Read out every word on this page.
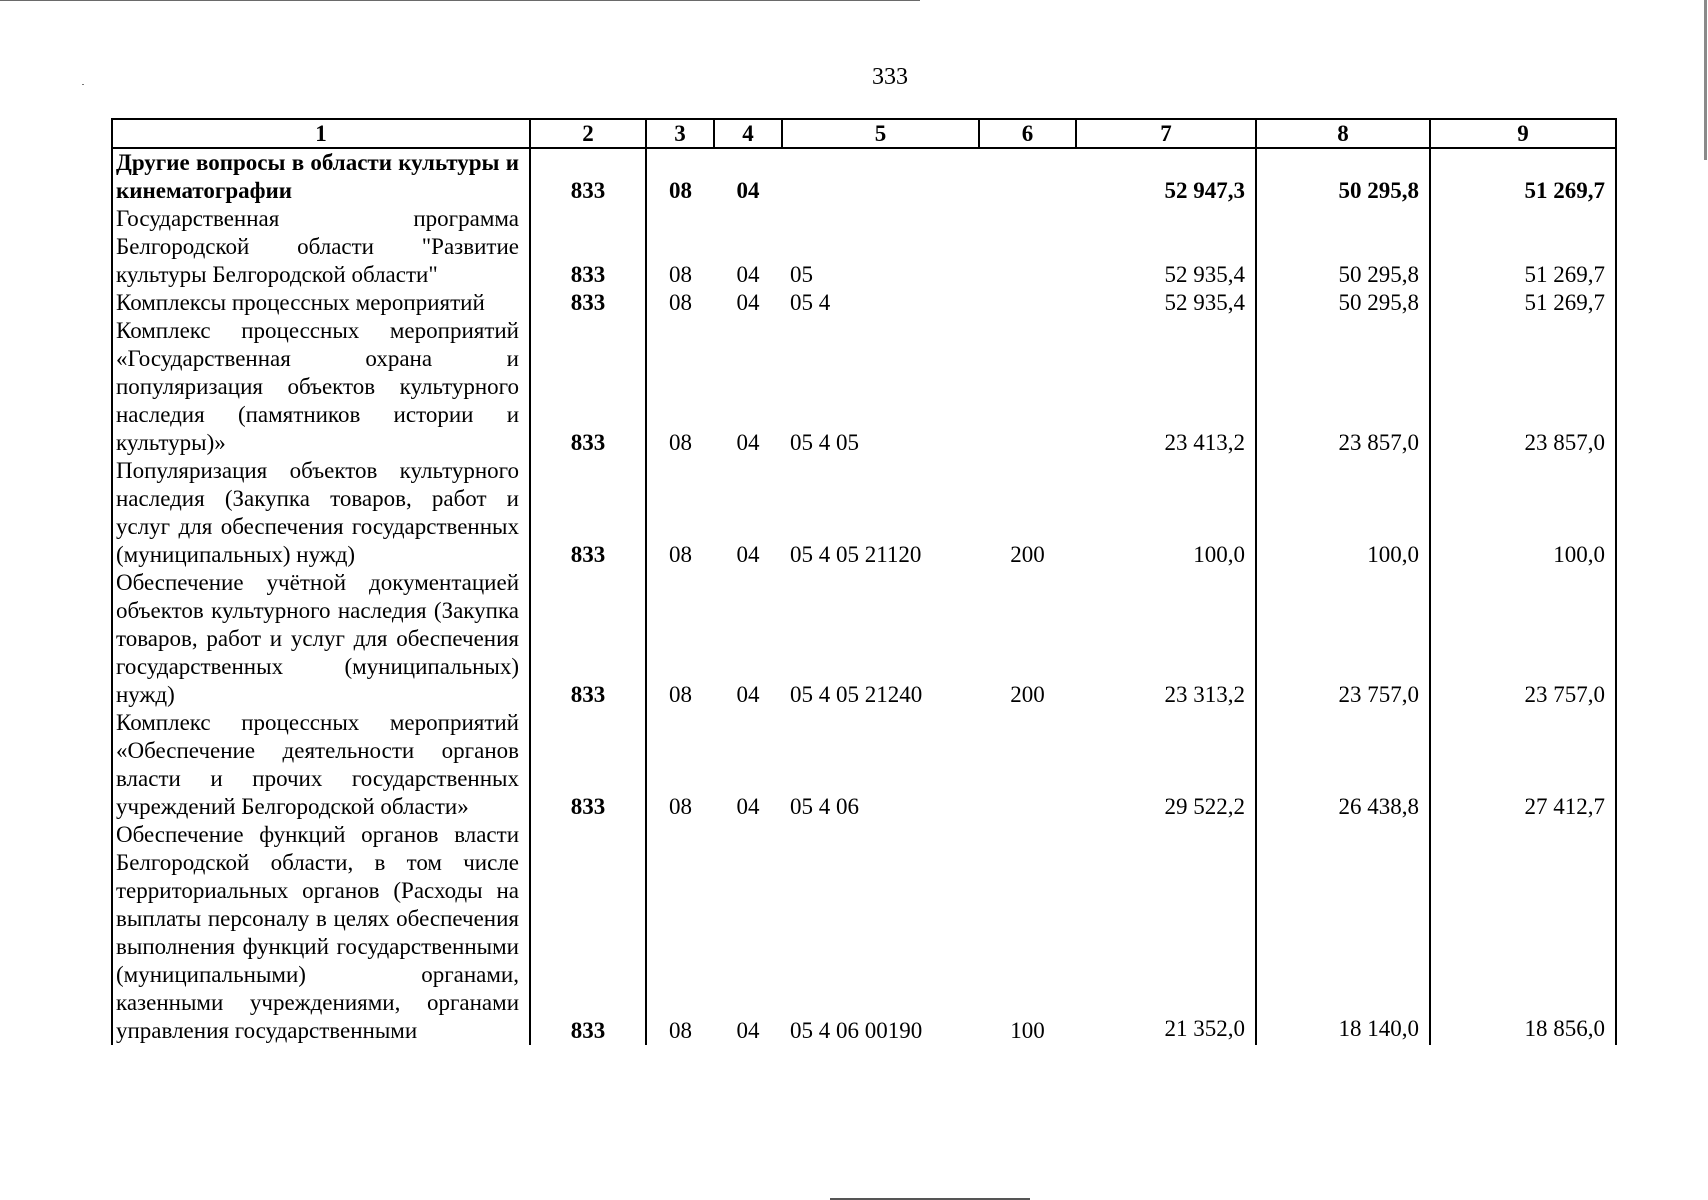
333
1	2	3	4	5	6	7	8	9
Другие вопросы в области культуры и кинематографии	833	08	04			52 947,3	50 295,8	51 269,7
Государственная программа Белгородской области "Развитие культуры Белгородской области"	833	08	04	05		52 935,4	50 295,8	51 269,7
Комплексы процессных мероприятий	833	08	04	05 4		52 935,4	50 295,8	51 269,7
Комплекс процессных мероприятий «Государственная охрана и популяризация объектов культурного наследия (памятников истории и культуры)»	833	08	04	05 4 05		23 413,2	23 857,0	23 857,0
Популяризация объектов культурного наследия (Закупка товаров, работ и услуг для обеспечения государственных (муниципальных) нужд)	833	08	04	05 4 05 21120	200	100,0	100,0	100,0
Обеспечение учётной документацией объектов культурного наследия (Закупка товаров, работ и услуг для обеспечения государственных (муниципальных) нужд)	833	08	04	05 4 05 21240	200	23 313,2	23 757,0	23 757,0
Комплекс процессных мероприятий «Обеспечение деятельности органов власти и прочих государственных учреждений Белгородской области»	833	08	04	05 4 06		29 522,2	26 438,8	27 412,7
Обеспечение функций органов власти Белгородской области, в том числе территориальных органов (Расходы на выплаты персоналу в целях обеспечения выполнения функций государственными (муниципальными) органами, казенными учреждениями, органами управления государственными	833	08	04	05 4 06 00190	100	21 352,0	18 140,0	18 856,0
